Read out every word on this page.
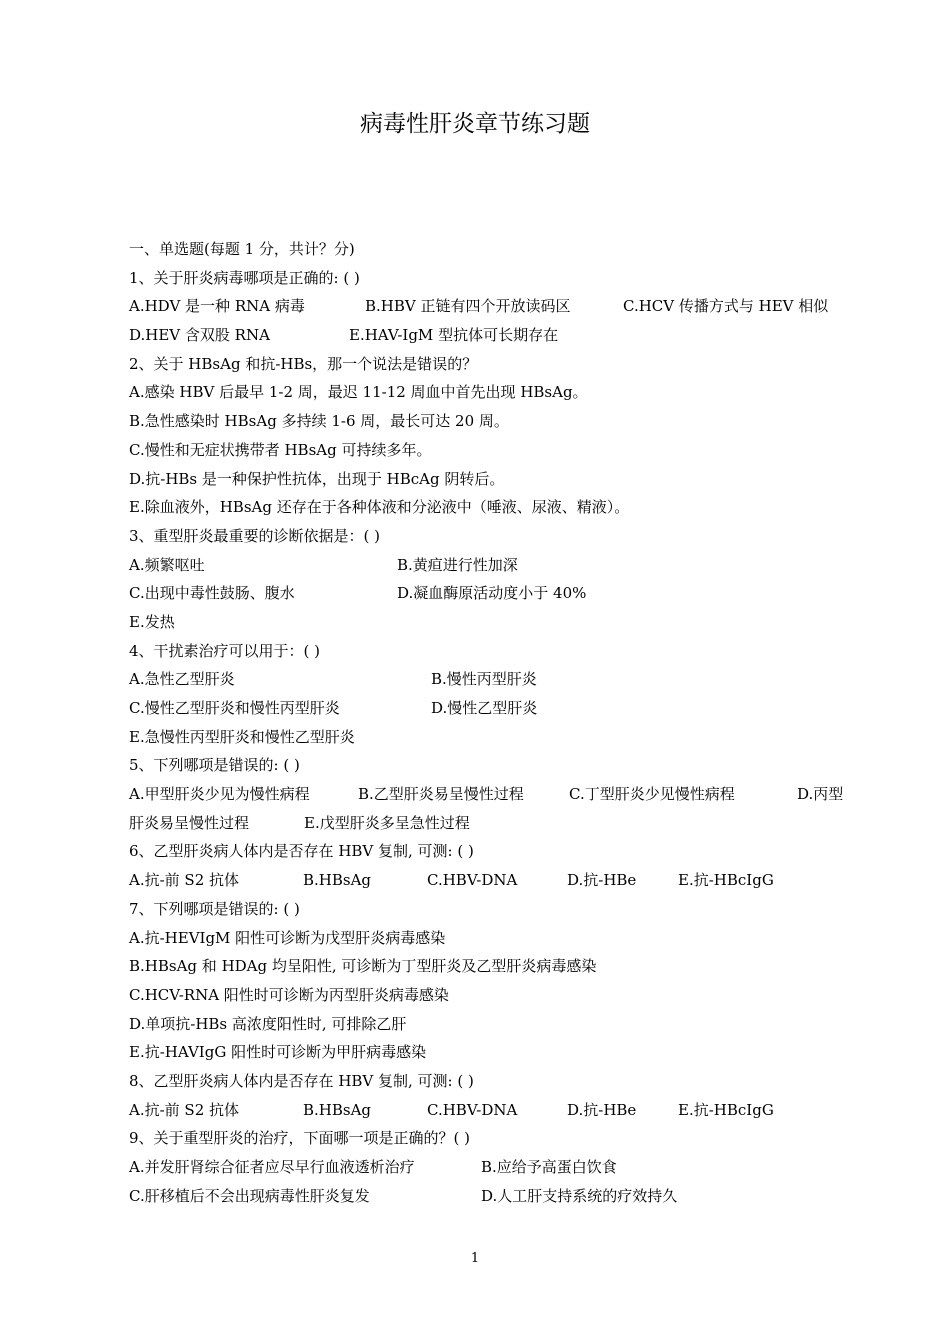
病毒性肝炎章节练习题
一、单选题(每题 1 分，共计？分)
1、关于肝炎病毒哪项是正确的: ( )
A.HDV 是一种 RNA 病毒	B.HBV 正链有四个开放读码区	C.HCV 传播方式与 HEV 相似
D.HEV 含双股 RNA	E.HAV-IgM 型抗体可长期存在
2、关于 HBsAg 和抗-HBs，那一个说法是错误的？
A.感染 HBV 后最早 1-2 周，最迟 11-12 周血中首先出现 HBsAg。
B.急性感染时 HBsAg 多持续 1-6 周，最长可达 20 周。
C.慢性和无症状携带者 HBsAg 可持续多年。
D.抗-HBs 是一种保护性抗体，出现于 HBcAg 阴转后。
E.除血液外，HBsAg 还存在于各种体液和分泌液中（唾液、尿液、精液）。
3、重型肝炎最重要的诊断依据是：( )
A.频繁呕吐	B.黄疸进行性加深
C.出现中毒性鼓肠、腹水	D.凝血酶原活动度小于 40%
E.发热
4、干扰素治疗可以用于：( )
A.急性乙型肝炎	B.慢性丙型肝炎
C.慢性乙型肝炎和慢性丙型肝炎	D.慢性乙型肝炎
E.急慢性丙型肝炎和慢性乙型肝炎
5、下列哪项是错误的: ( )
A.甲型肝炎少见为慢性病程	B.乙型肝炎易呈慢性过程	C.丁型肝炎少见慢性病程	D.丙型
肝炎易呈慢性过程	E.戊型肝炎多呈急性过程
6、乙型肝炎病人体内是否存在 HBV 复制, 可测: ( )
A.抗-前 S2 抗体	B.HBsAg	C.HBV-DNA	D.抗-HBe	E.抗-HBcIgG
7、下列哪项是错误的: ( )
A.抗-HEVIgM 阳性可诊断为戊型肝炎病毒感染
B.HBsAg 和 HDAg 均呈阳性, 可诊断为丁型肝炎及乙型肝炎病毒感染
C.HCV-RNA 阳性时可诊断为丙型肝炎病毒感染
D.单项抗-HBs 高浓度阳性时, 可排除乙肝
E.抗-HAVIgG 阳性时可诊断为甲肝病毒感染
8、乙型肝炎病人体内是否存在 HBV 复制, 可测: ( )
A.抗-前 S2 抗体	B.HBsAg	C.HBV-DNA	D.抗-HBe	E.抗-HBcIgG
9、关于重型肝炎的治疗，下面哪一项是正确的？( )
A.并发肝肾综合征者应尽早行血液透析治疗	B.应给予高蛋白饮食
C.肝移植后不会出现病毒性肝炎复发	D.人工肝支持系统的疗效持久
1
